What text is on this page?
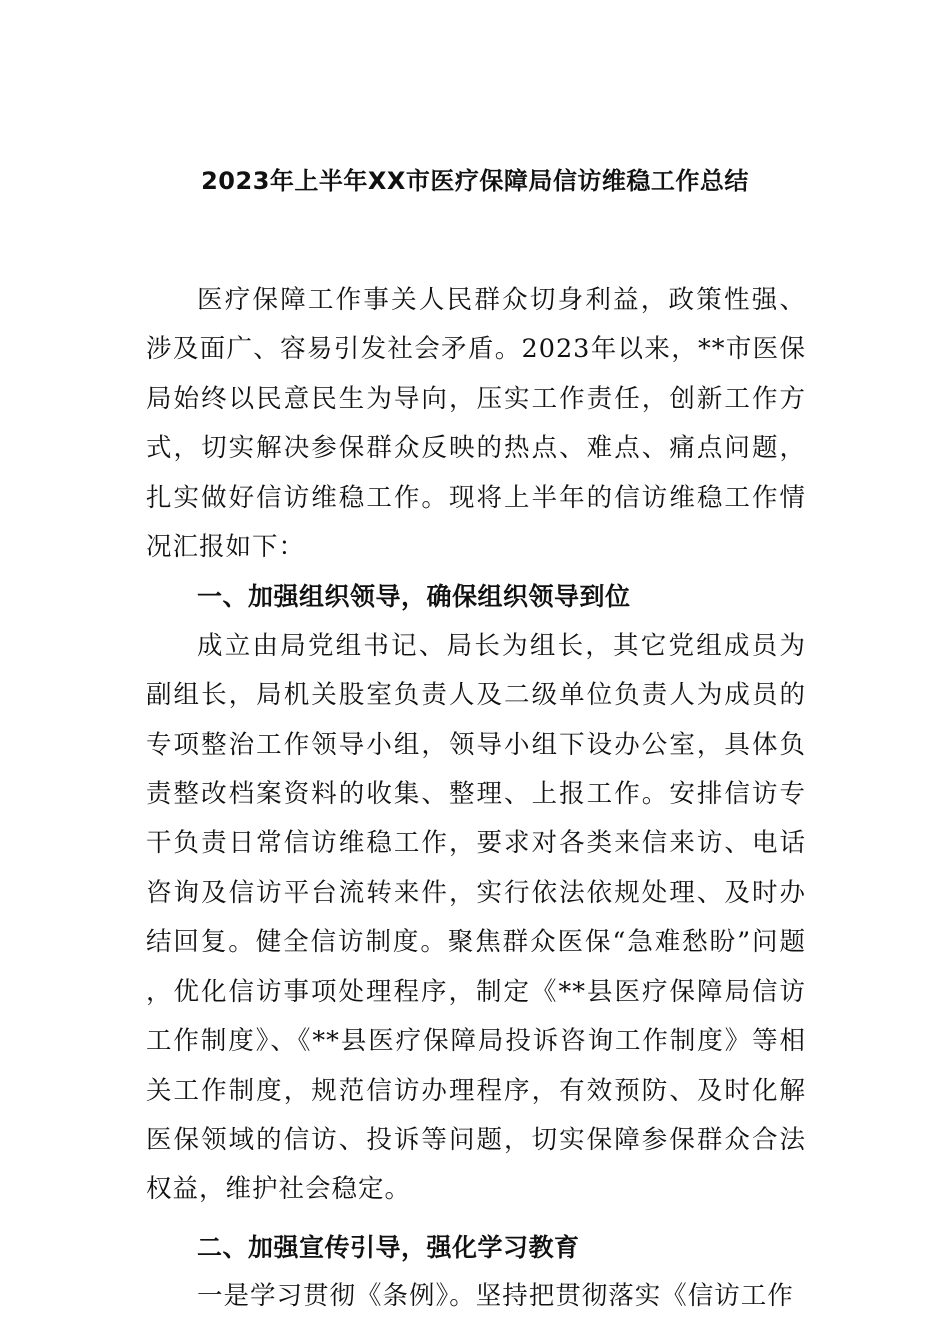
2023年上半年XX市医疗保障局信访维稳工作总结

医疗保障工作事关人民群众切身利益，政策性强、涉及面广、容易引发社会矛盾。2023年以来，**市医保局始终以民意民生为导向，压实工作责任，创新工作方式，切实解决参保群众反映的热点、难点、痛点问题，扎实做好信访维稳工作。现将上半年的信访维稳工作情况汇报如下：

一、加强组织领导，确保组织领导到位

成立由局党组书记、局长为组长，其它党组成员为副组长，局机关股室负责人及二级单位负责人为成员的专项整治工作领导小组，领导小组下设办公室，具体负责整改档案资料的收集、整理、上报工作。安排信访专干负责日常信访维稳工作，要求对各类来信来访、电话咨询及信访平台流转来件，实行依法依规处理、及时办结回复。健全信访制度。聚焦群众医保“急难愁盼”问题，优化信访事项处理程序，制定《**县医疗保障局信访工作制度》、《**县医疗保障局投诉咨询工作制度》等相关工作制度，规范信访办理程序，有效预防、及时化解医保领域的信访、投诉等问题，切实保障参保群众合法权益，维护社会稳定。

二、加强宣传引导，强化学习教育

一是学习贯彻《条例》。坚持把贯彻落实《信访工作
